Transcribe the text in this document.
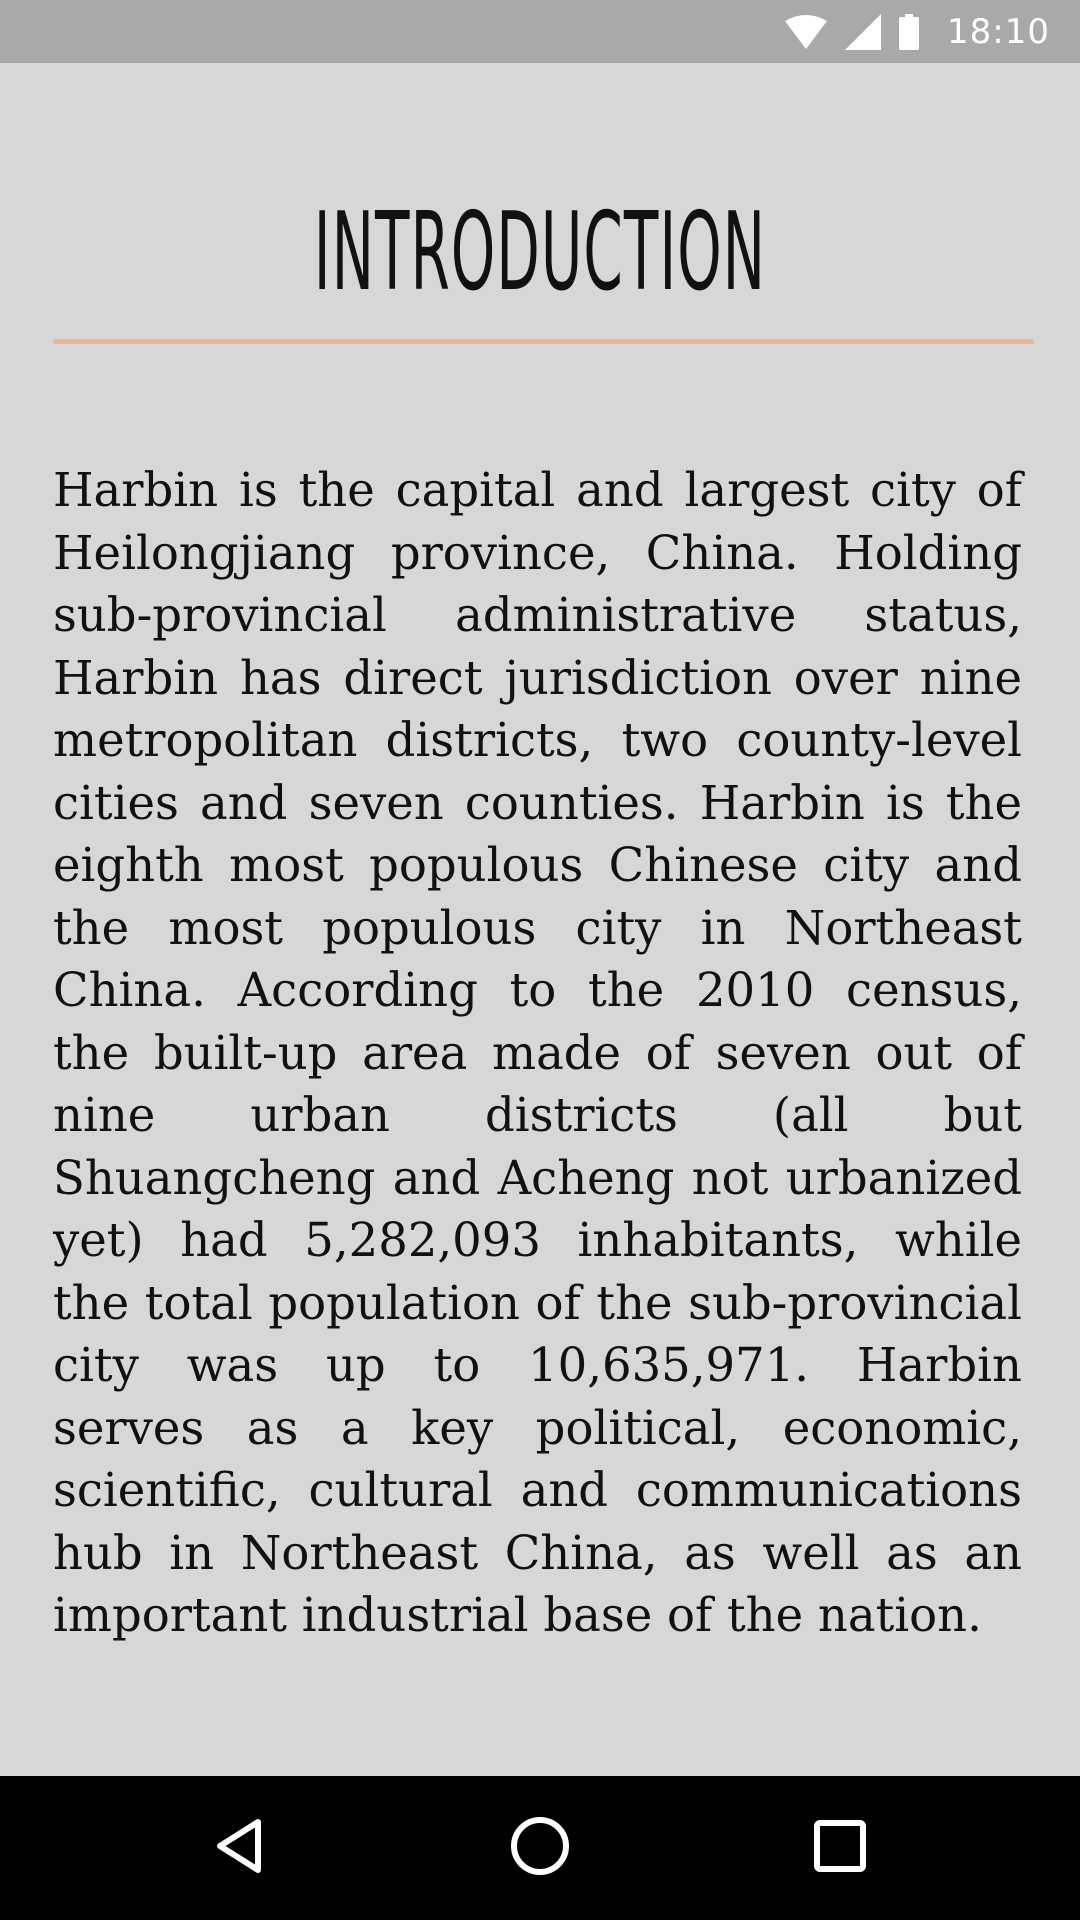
18:10
INTRODUCTION

Harbin is the capital and largest city of Heilongjiang province, China. Holding sub-provincial administrative status, Harbin has direct jurisdiction over nine metropolitan districts, two county-level cities and seven counties. Harbin is the eighth most populous Chinese city and the most populous city in Northeast China. According to the 2010 census, the built-up area made of seven out of nine urban districts (all but Shuangcheng and Acheng not urbanized yet) had 5,282,093 inhabitants, while the total population of the sub-provincial city was up to 10,635,971. Harbin serves as a key political, economic, scientific, cultural and communications hub in Northeast China, as well as an important industrial base of the nation.
